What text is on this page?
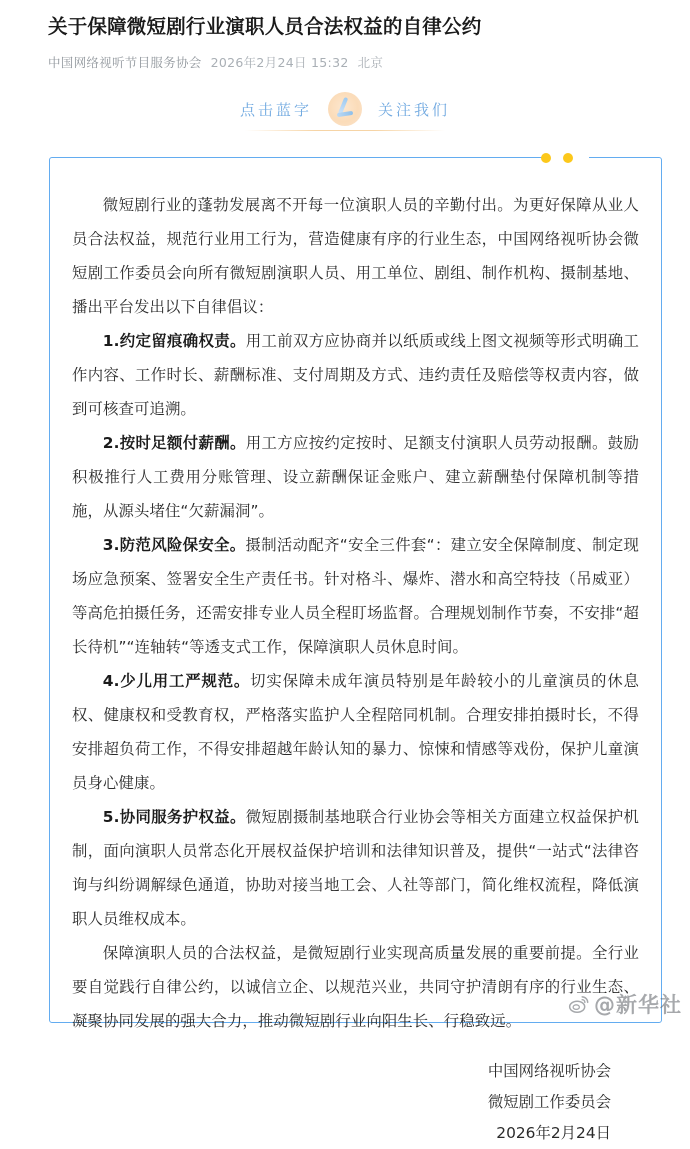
关于保障微短剧行业演职人员合法权益的自律公约
中国网络视听节目服务协会 2026年2月24日 15:32 北京
点击蓝字	关注我们

微短剧行业的蓬勃发展离不开每一位演职人员的辛勤付出。为更好保障从业人员合法权益，规范行业用工行为，营造健康有序的行业生态，中国网络视听协会微短剧工作委员会向所有微短剧演职人员、用工单位、剧组、制作机构、摄制基地、播出平台发出以下自律倡议：

1.约定留痕确权责。用工前双方应协商并以纸质或线上图文视频等形式明确工作内容、工作时长、薪酬标准、支付周期及方式、违约责任及赔偿等权责内容，做到可核查可追溯。

2.按时足额付薪酬。用工方应按约定按时、足额支付演职人员劳动报酬。鼓励积极推行人工费用分账管理、设立薪酬保证金账户、建立薪酬垫付保障机制等措施，从源头堵住“欠薪漏洞”。

3.防范风险保安全。摄制活动配齐“安全三件套“：建立安全保障制度、制定现场应急预案、签署安全生产责任书。针对格斗、爆炸、潜水和高空特技（吊威亚）等高危拍摄任务，还需安排专业人员全程盯场监督。合理规划制作节奏，不安排“超长待机”“连轴转“等透支式工作，保障演职人员休息时间。

4.少儿用工严规范。切实保障未成年演员特别是年龄较小的儿童演员的休息权、健康权和受教育权，严格落实监护人全程陪同机制。合理安排拍摄时长，不得安排超负荷工作，不得安排超越年龄认知的暴力、惊悚和情感等戏份，保护儿童演员身心健康。

5.协同服务护权益。微短剧摄制基地联合行业协会等相关方面建立权益保护机制，面向演职人员常态化开展权益保护培训和法律知识普及，提供“一站式“法律咨询与纠纷调解绿色通道，协助对接当地工会、人社等部门，简化维权流程，降低演职人员维权成本。

保障演职人员的合法权益，是微短剧行业实现高质量发展的重要前提。全行业要自觉践行自律公约，以诚信立企、以规范兴业，共同守护清朗有序的行业生态、凝聚协同发展的强大合力，推动微短剧行业向阳生长、行稳致远。

中国网络视听协会
微短剧工作委员会
2026年2月24日
@新华社
